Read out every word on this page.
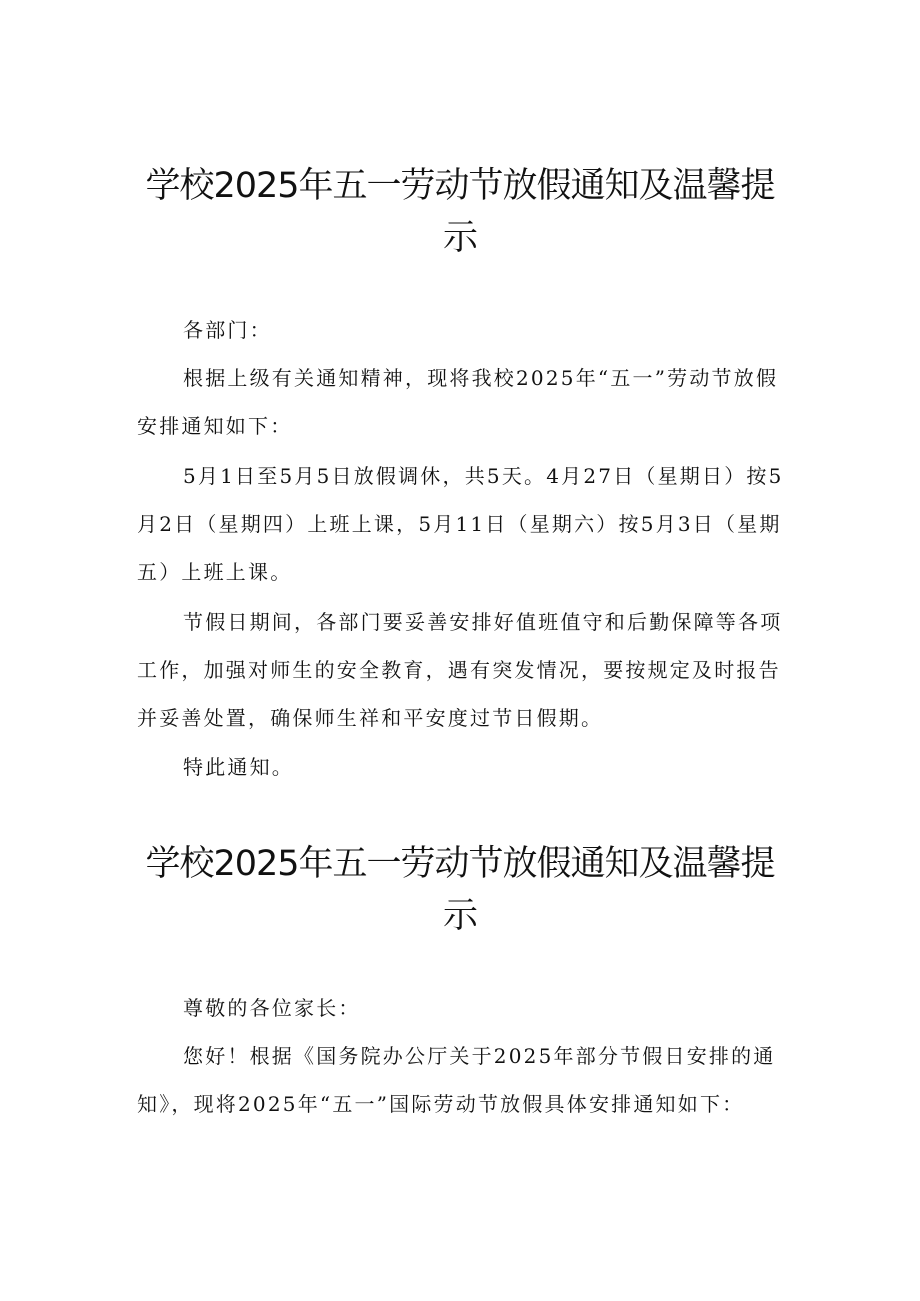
学校2025年五一劳动节放假通知及温馨提
示

各部门：

根据上级有关通知精神，现将我校2025年“五一”劳动节放假安排通知如下：

5月1日至5月5日放假调休，共5天。4月27日（星期日）按5月2日（星期四）上班上课，5月11日（星期六）按5月3日（星期五）上班上课。

节假日期间，各部门要妥善安排好值班值守和后勤保障等各项工作，加强对师生的安全教育，遇有突发情况，要按规定及时报告并妥善处置，确保师生祥和平安度过节日假期。

特此通知。

学校2025年五一劳动节放假通知及温馨提
示

尊敬的各位家长：

您好！根据《国务院办公厅关于2025年部分节假日安排的通知》，现将2025年“五一”国际劳动节放假具体安排通知如下：
